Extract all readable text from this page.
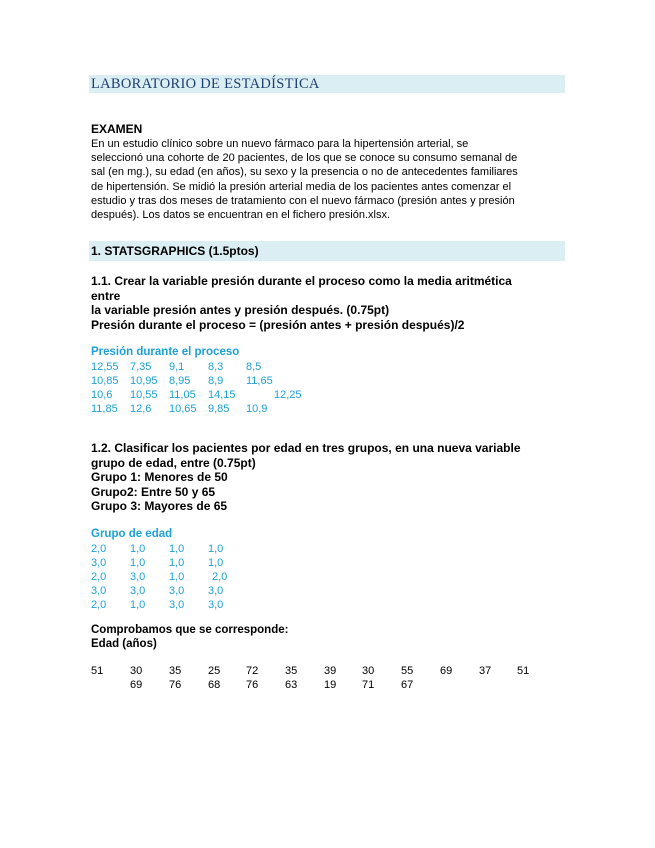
LABORATORIO DE ESTADÍSTICA
EXAMEN
En un estudio clínico sobre un nuevo fármaco para la hipertensión arterial, se
seleccionó una cohorte de 20 pacientes, de los que se conoce su consumo semanal de
sal (en mg.), su edad (en años), su sexo y la presencia o no de antecedentes familiares
de hipertensión. Se midió la presión arterial media de los pacientes antes comenzar el
estudio y tras dos meses de tratamiento con el nuevo fármaco (presión antes y presión
después). Los datos se encuentran en el fichero presión.xlsx.
1. STATSGRAPHICS (1.5ptos)
1.1. Crear la variable presión durante el proceso como la media aritmética
entre
la variable presión antes y presión después. (0.75pt)
Presión durante el proceso = (presión antes + presión después)/2
Presión durante el proceso
12,55 7,35 9,1 8,3 8,5
10,85 10,95 8,95 8,9 11,65
10,6 10,55 11,05 14,15	12,25
11,85 12,6 10,65 9,85 10,9
1.2. Clasificar los pacientes por edad en tres grupos, en una nueva variable
grupo de edad, entre (0.75pt)
Grupo 1: Menores de 50
Grupo2: Entre 50 y 65
Grupo 3: Mayores de 65
Grupo de edad
2,0 1,0 1,0 1,0
3,0 1,0 1,0 1,0
2,0 3,0 1,0	2,0
3,0 3,0 3,0 3,0
2,0 1,0 3,0 3,0
Comprobamos que se corresponde:
Edad (años)
51 30 35 25 72 35 39 30 55 69 37 51
69 76 68 76 63 19 71 67
